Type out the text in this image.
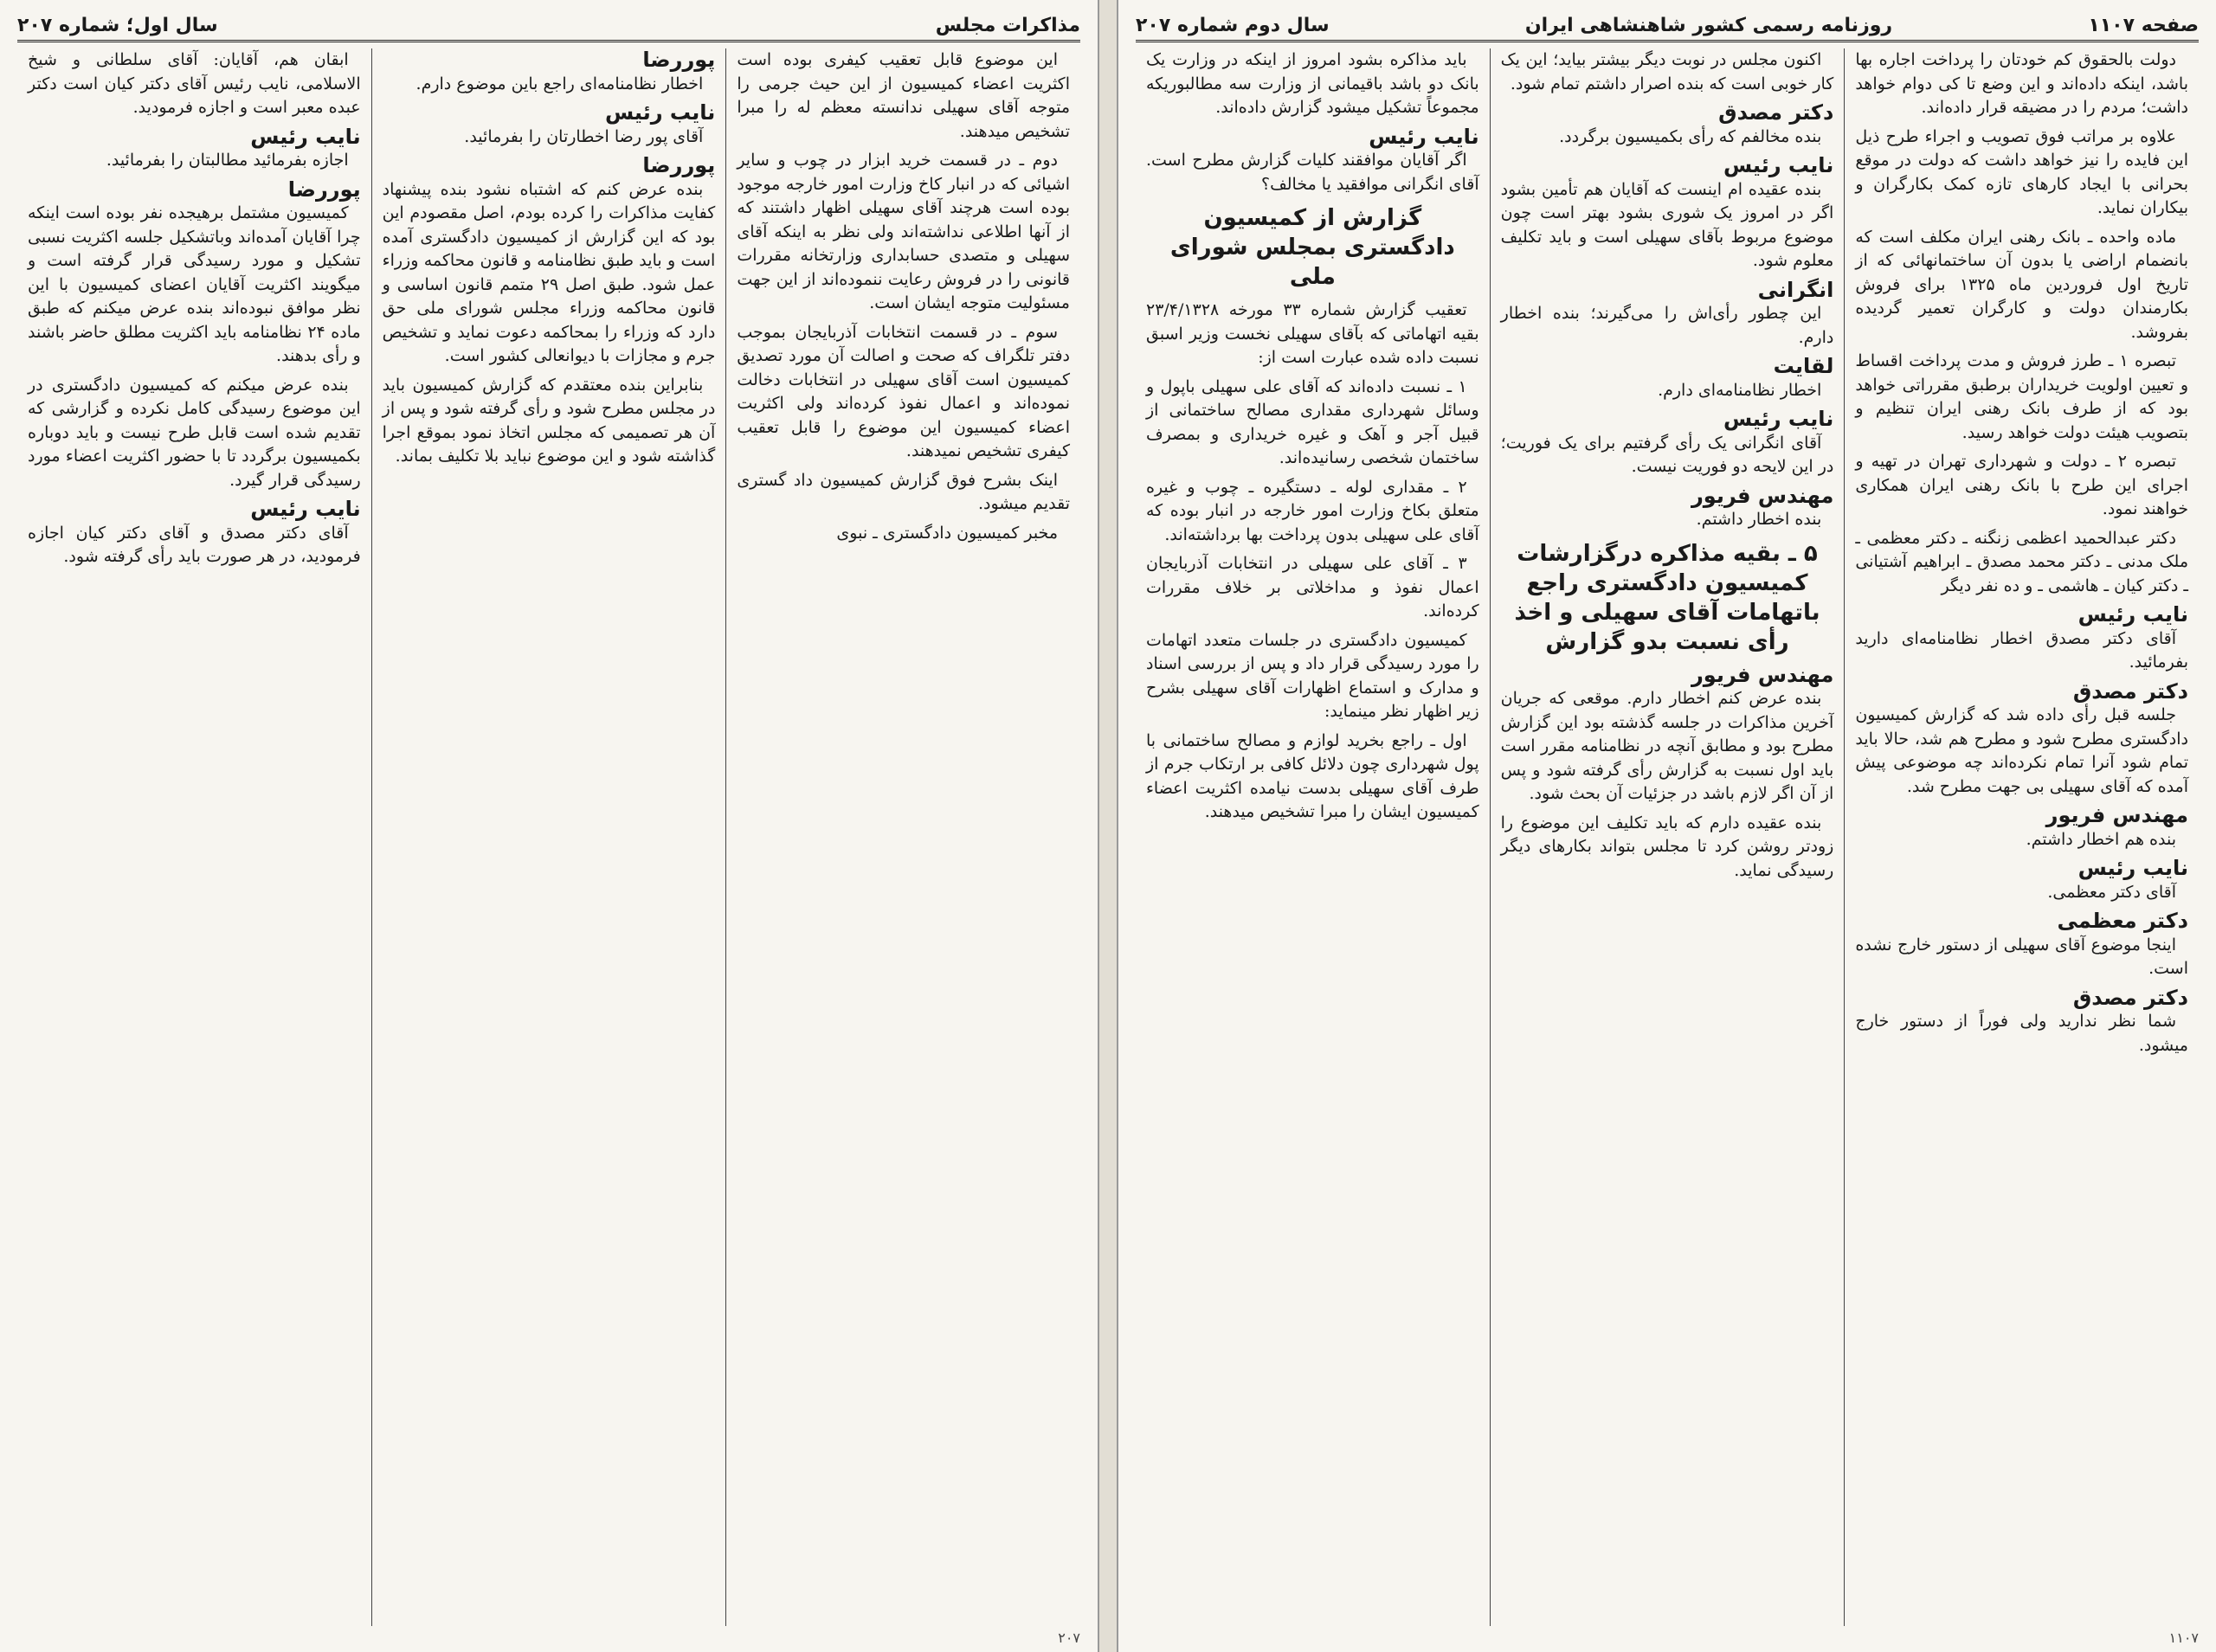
مذاکرات مجلس
سال اول؛ شماره ۲۰۷

این موضوع قابل تعقیب کیفری بوده است اکثریت اعضاء کمیسیون از این حیث جرمی را متوجه آقای سهیلی ندانسته معظم له را مبرا تشخیص میدهند.

دوم ـ در قسمت خرید ابزار در چوب و سایر اشیائی که در انبار کاخ وزارت امور خارجه موجود بوده است هرچند آقای سهیلی اظهار داشتند که از آنها اطلاعی نداشته‌اند ولی نظر به اینکه آقای سهیلی و متصدی حسابداری وزارتخانه مقررات قانونی را در فروش رعایت ننموده‌اند از این جهت مسئولیت متوجه ایشان است.

سوم ـ در قسمت انتخابات آذربایجان بموجب دفتر تلگراف که صحت و اصالت آن مورد تصدیق کمیسیون است آقای سهیلی در انتخابات دخالت نموده‌اند و اعمال نفوذ کرده‌اند ولی اکثریت اعضاء کمیسیون این موضوع را قابل تعقیب کیفری تشخیص نمیدهند.

اینک بشرح فوق گزارش کمیسیون داد گستری تقدیم میشود.

مخبر کمیسیون دادگستری ـ نبوی

پوررضا

اخطار نظامنامه‌ای راجع باین موضوع دارم.

نایب رئیس

آقای پور رضا اخطارتان را بفرمائید.

پوررضا

بنده عرض کنم که اشتباه نشود بنده پیشنهاد کفایت مذاکرات را کرده بودم، اصل مقصودم این بود که این گزارش از کمیسیون دادگستری آمده است و باید طبق نظامنامه و قانون محاکمه وزراء عمل شود. طبق اصل ۲۹ متمم قانون اساسی و قانون محاکمه وزراء مجلس شورای ملی حق دارد که وزراء را بمحاکمه دعوت نماید و تشخیص جرم و مجازات با دیوانعالی کشور است.

بنابراین بنده معتقدم که گزارش کمیسیون باید در مجلس مطرح شود و رأی گرفته شود و پس از آن هر تصمیمی که مجلس اتخاذ نمود بموقع اجرا گذاشته شود و این موضوع نباید بلا تکلیف بماند.

ابقان هم، آقایان: آقای سلطانی و شیخ الاسلامی، نایب رئیس آقای دکتر کیان است دکتر عبده معبر است و اجازه فرمودید.

نایب رئیس

اجازه بفرمائید مطالبتان را بفرمائید.

پوررضا

کمیسیون مشتمل برهیجده نفر بوده است اینکه چرا آقایان آمده‌اند وباتشکیل جلسه اکثریت نسبی تشکیل و مورد رسیدگی قرار گرفته است و میگویند اکثریت آقایان اعضای کمیسیون با این نظر موافق نبوده‌اند بنده عرض میکنم که طبق ماده ۲۴ نظامنامه باید اکثریت مطلق حاضر باشند و رأی بدهند.

بنده عرض میکنم که کمیسیون دادگستری در این موضوع رسیدگی کامل نکرده و گزارشی که تقدیم شده است قابل طرح نیست و باید دوباره بکمیسیون برگردد تا با حضور اکثریت اعضاء مورد رسیدگی قرار گیرد.

نایب رئیس

آقای دکتر مصدق و آقای دکتر کیان اجازه فرمودید، در هر صورت باید رأی گرفته شود.

۲۰۷
صفحه ۱۱۰۷
روزنامه رسمی کشور شاهنشاهی ایران
سال دوم شماره ۲۰۷

دولت بالحقوق کم خودتان را پرداخت اجاره بها باشد، اینکه داده‌اند و این وضع تا کی دوام خواهد داشت؛ مردم را در مضیقه قرار داده‌اند.

علاوه بر مراتب فوق تصویب و اجراء طرح ذیل این فایده را نیز خواهد داشت که دولت در موقع بحرانی با ایجاد کارهای تازه کمک بکارگران و بیکاران نماید.

ماده واحده ـ بانک رهنی ایران مکلف است که بانضمام اراضی یا بدون آن ساختمانهائی که از تاریخ اول فروردین ماه ۱۳۲۵ برای فروش بکارمندان دولت و کارگران تعمیر گردیده بفروشد.

تبصره ۱ ـ طرز فروش و مدت پرداخت اقساط و تعیین اولویت خریداران برطبق مقرراتی خواهد بود که از طرف بانک رهنی ایران تنظیم و بتصویب هیئت دولت خواهد رسید.

تبصره ۲ ـ دولت و شهرداری تهران در تهیه و اجرای این طرح با بانک رهنی ایران همکاری خواهند نمود.

دکتر عبدالحمید اعظمی زنگنه ـ دکتر معظمی ـ ملک مدنی ـ دکتر محمد مصدق ـ ابراهیم آشتیانی ـ دکتر کیان ـ هاشمی ـ و ده نفر دیگر

نایب رئیس

آقای دکتر مصدق اخطار نظامنامه‌ای دارید بفرمائید.

دکتر مصدق

جلسه قبل رأی داده شد که گزارش کمیسیون دادگستری مطرح شود و مطرح هم شد، حالا باید تمام شود آنرا تمام نکرده‌اند چه موضوعی پیش آمده که آقای سهیلی بی جهت مطرح شد.

مهندس فریور

بنده هم اخطار داشتم.

نایب رئیس

آقای دکتر معظمی.

دکتر معظمی

اینجا موضوع آقای سهیلی از دستور خارج نشده است.

دکتر مصدق

شما نظر ندارید ولی فوراً از دستور خارج میشود.

اکنون مجلس در نوبت دیگر بیشتر بیاید؛ این یک کار خوبی است که بنده اصرار داشتم تمام شود.

دکتر مصدق

بنده مخالفم که رأی بکمیسیون برگردد.

نایب رئیس

بنده عقیده ام اینست که آقایان هم تأمین بشود اگر در امروز یک شوری بشود بهتر است چون موضوع مربوط بآقای سهیلی است و باید تکلیف معلوم شود.

انگرانی

این چطور رأی‌اش را می‌گیرند؛ بنده اخطار دارم.

لقایت

اخطار نظامنامه‌ای دارم.

نایب رئیس

آقای انگرانی یک رأی گرفتیم برای یک فوریت؛ در این لایحه دو فوریت نیست.

مهندس فریور

بنده اخطار داشتم.

۵ ـ بقیه مذاکره درگزارشات کمیسیون دادگستری راجع باتهامات آقای سهیلی و اخذ رأی نسبت بدو گزارش
مهندس فریور

بنده عرض کنم اخطار دارم. موقعی که جریان آخرین مذاکرات در جلسه گذشته بود این گزارش مطرح بود و مطابق آنچه در نظامنامه مقرر است باید اول نسبت به گزارش رأی گرفته شود و پس از آن اگر لازم باشد در جزئیات آن بحث شود.

بنده عقیده دارم که باید تکلیف این موضوع را زودتر روشن کرد تا مجلس بتواند بکارهای دیگر رسیدگی نماید.

باید مذاکره بشود امروز از اینکه در وزارت یک بانک دو باشد باقیمانی از وزارت سه مطالبوریکه مجموعاً تشکیل میشود گزارش داده‌اند.

نایب رئیس

اگر آقایان موافقند کلیات گزارش مطرح است. آقای انگرانی موافقید یا مخالف؟

گزارش از کمیسیون دادگستری بمجلس شورای ملی

تعقیب گزارش شماره ۳۳ مورخه ۲۳/۴/۱۳۲۸ بقیه اتهاماتی که بآقای سهیلی نخست وزیر اسبق نسبت داده شده عبارت است از:

۱ ـ نسبت داده‌اند که آقای علی سهیلی باپول و وسائل شهرداری مقداری مصالح ساختمانی از قبیل آجر و آهک و غیره خریداری و بمصرف ساختمان شخصی رسانیده‌اند.

۲ ـ مقداری لوله ـ دستگیره ـ چوب و غیره متعلق بکاخ وزارت امور خارجه در انبار بوده که آقای علی سهیلی بدون پرداخت بها برداشته‌اند.

۳ ـ آقای علی سهیلی در انتخابات آذربایجان اعمال نفوذ و مداخلاتی بر خلاف مقررات کرده‌اند.

کمیسیون دادگستری در جلسات متعدد اتهامات را مورد رسیدگی قرار داد و پس از بررسی اسناد و مدارک و استماع اظهارات آقای سهیلی بشرح زیر اظهار نظر مینماید:

اول ـ راجع بخرید لوازم و مصالح ساختمانی با پول شهرداری چون دلائل کافی بر ارتکاب جرم از طرف آقای سهیلی بدست نیامده اکثریت اعضاء کمیسیون ایشان را مبرا تشخیص میدهند.

۱۱۰۷
